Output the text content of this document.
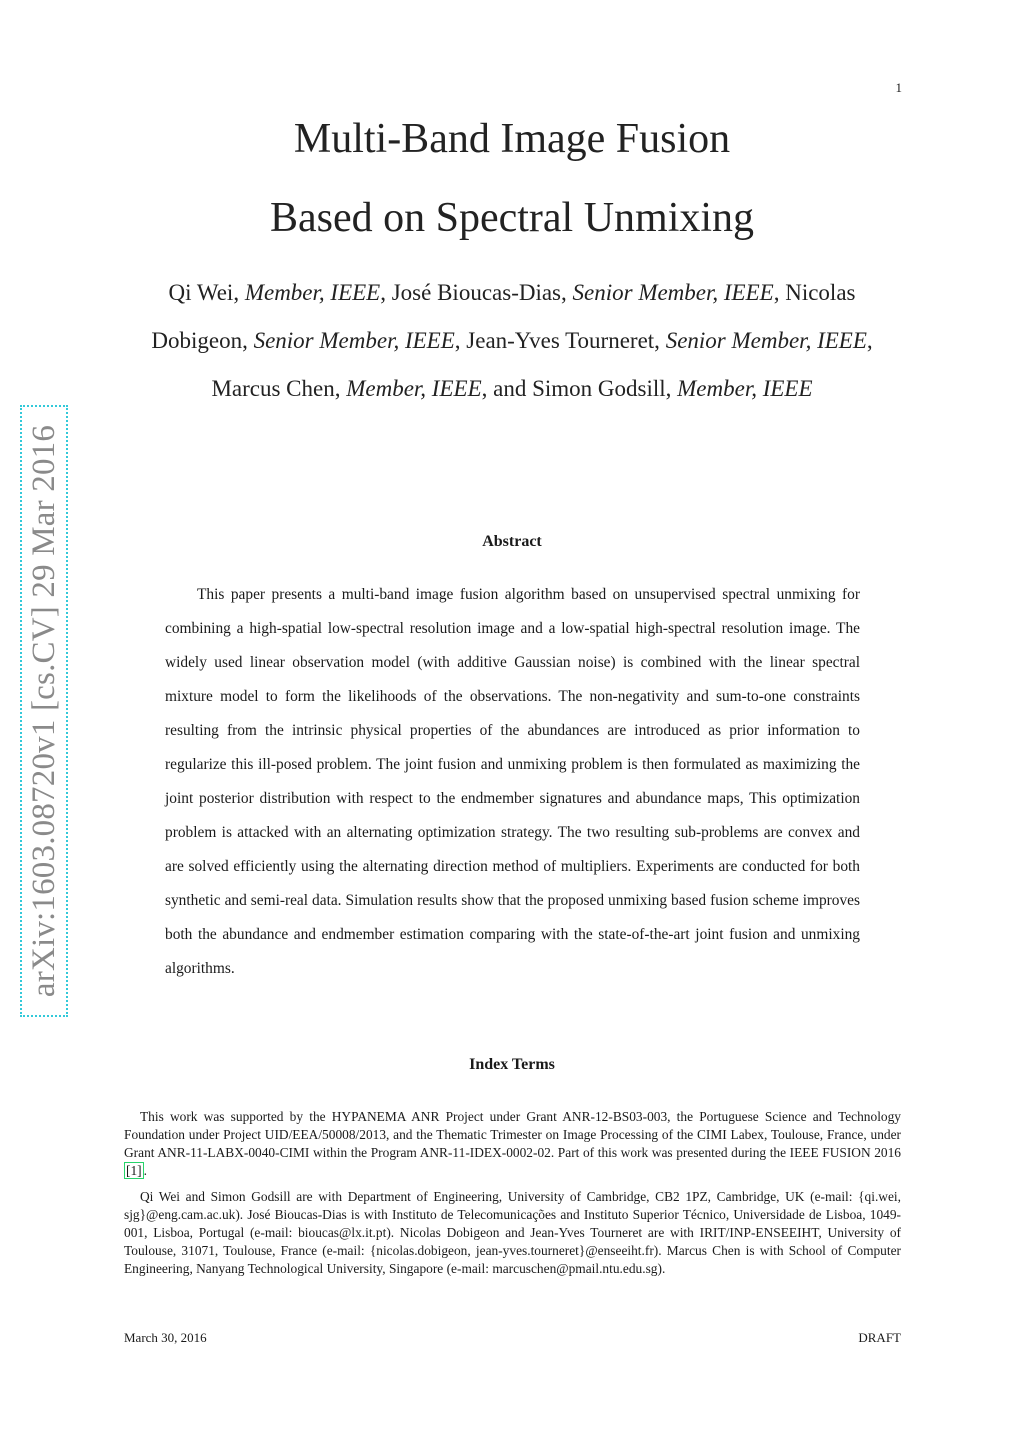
1
arXiv:1603.08720v1 [cs.CV] 29 Mar 2016
Multi-Band Image Fusion
Based on Spectral Unmixing
Qi Wei, Member, IEEE, José Bioucas-Dias, Senior Member, IEEE, Nicolas
Dobigeon, Senior Member, IEEE, Jean-Yves Tourneret, Senior Member, IEEE,
Marcus Chen, Member, IEEE, and Simon Godsill, Member, IEEE
Abstract

This paper presents a multi-band image fusion algorithm based on unsupervised spectral unmixing for combining a high-spatial low-spectral resolution image and a low-spatial high-spectral resolution image. The widely used linear observation model (with additive Gaussian noise) is combined with the linear spectral mixture model to form the likelihoods of the observations. The non-negativity and sum-to-one constraints resulting from the intrinsic physical properties of the abundances are introduced as prior information to regularize this ill-posed problem. The joint fusion and unmixing problem is then formulated as maximizing the joint posterior distribution with respect to the endmember signatures and abundance maps, This optimization problem is attacked with an alternating optimization strategy. The two resulting sub-problems are convex and are solved efficiently using the alternating direction method of multipliers. Experiments are conducted for both synthetic and semi-real data. Simulation results show that the proposed unmixing based fusion scheme improves both the abundance and endmember estimation comparing with the state-of-the-art joint fusion and unmixing algorithms.

Index Terms

This work was supported by the HYPANEMA ANR Project under Grant ANR-12-BS03-003, the Portuguese Science and Technology Foundation under Project UID/EEA/50008/2013, and the Thematic Trimester on Image Processing of the CIMI Labex, Toulouse, France, under Grant ANR-11-LABX-0040-CIMI within the Program ANR-11-IDEX-0002-02. Part of this work was presented during the IEEE FUSION 2016 [1] .

Qi Wei and Simon Godsill are with Department of Engineering, University of Cambridge, CB2 1PZ, Cambridge, UK (e-mail: {qi.wei, sjg}@eng.cam.ac.uk). José Bioucas-Dias is with Instituto de Telecomunicações and Instituto Superior Técnico, Universidade de Lisboa, 1049-001, Lisboa, Portugal (e-mail: bioucas@lx.it.pt). Nicolas Dobigeon and Jean-Yves Tourneret are with IRIT/INP-ENSEEIHT, University of Toulouse, 31071, Toulouse, France (e-mail: {nicolas.dobigeon, jean-yves.tourneret}@enseeiht.fr). Marcus Chen is with School of Computer Engineering, Nanyang Technological University, Singapore (e-mail: marcuschen@pmail.ntu.edu.sg).

March 30, 2016	DRAFT
